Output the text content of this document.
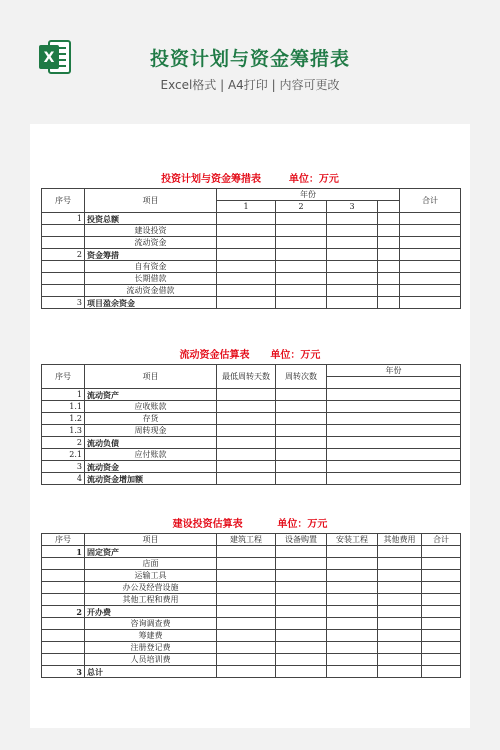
X	投资计划与资金筹措表
Excel格式 | A4打印 | 内容可更改
投资计划与资金筹措表        单位：万元
序号	项目	年份				合计
		1	2	3		
1	投资总额					
	建设投资					
	流动资金					
2	资金筹措					
	自有资金					
	长期借款					
	流动资金借款					
3	项目盈余资金					
流动资金估算表      单位：万元
序号	项目	最低周转天数	周转次数	年份

1	流动资产			
1.1	应收账款			
1.2	存货			
1.3	周转现金			
2	流动负债			
2.1	应付账款			
3	流动资金			
4	流动资金增加额			
建设投资估算表          单位：万元
序号	项目	建筑工程	设备购置	安装工程	其他费用	合计
1	固定资产					
	店面					
	运输工具					
	办公及经营设施					
	其他工程和费用					
2	开办费					
	咨询调查费					
	筹建费					
	注册登记费					
	人员培训费					
3	总计					
